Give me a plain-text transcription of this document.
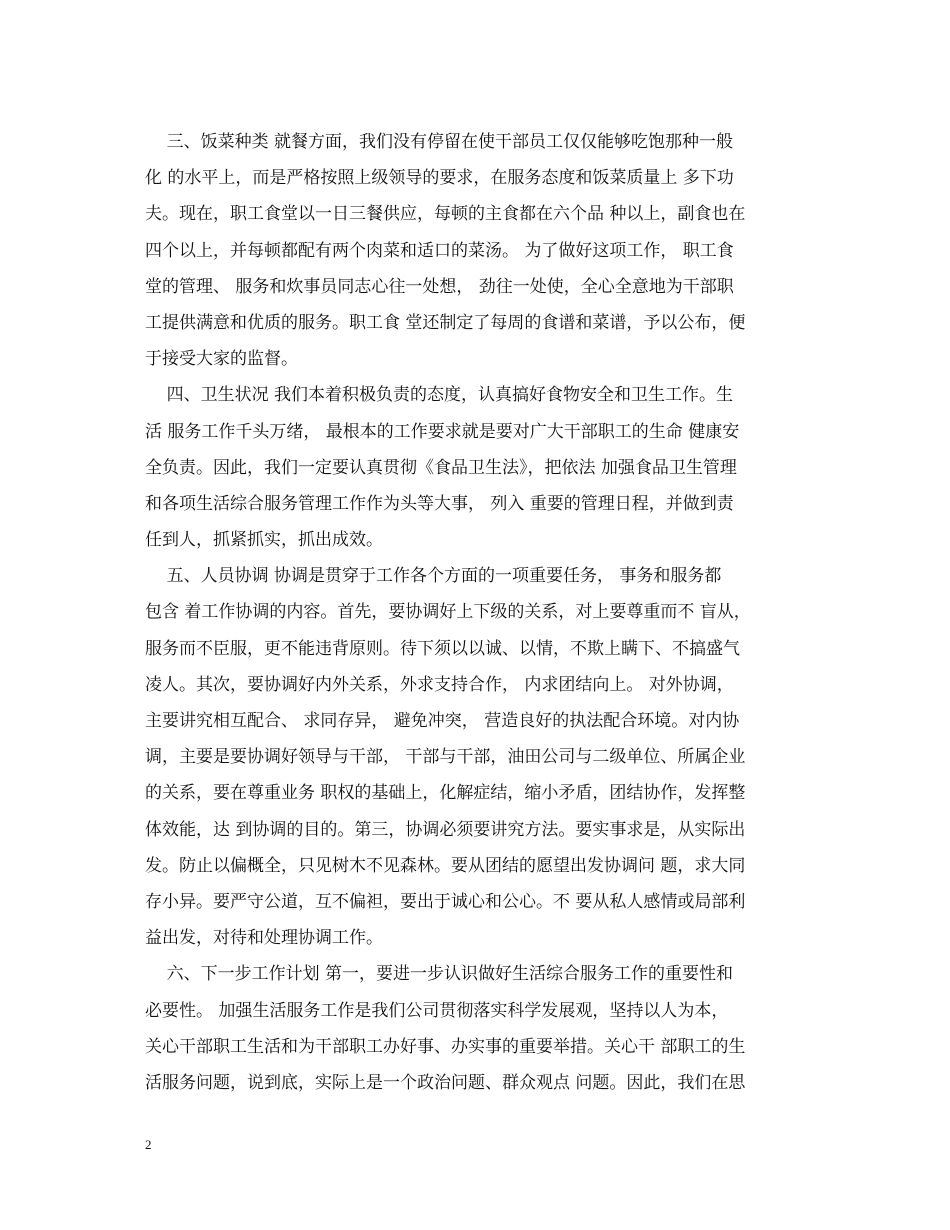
三、饭菜种类 就餐方面，我们没有停留在使干部员工仅仅能够吃饱那种一般
化 的水平上，而是严格按照上级领导的要求，在服务态度和饭菜质量上 多下功
夫。现在，职工食堂以一日三餐供应，每顿的主食都在六个品 种以上，副食也在
四个以上，并每顿都配有两个肉菜和适口的菜汤。 为了做好这项工作， 职工食
堂的管理、 服务和炊事员同志心往一处想， 劲往一处使，全心全意地为干部职
工提供满意和优质的服务。职工食 堂还制定了每周的食谱和菜谱，予以公布，便
于接受大家的监督。
四、卫生状况 我们本着积极负责的态度，认真搞好食物安全和卫生工作。生
活 服务工作千头万绪， 最根本的工作要求就是要对广大干部职工的生命 健康安
全负责。因此，我们一定要认真贯彻《食品卫生法》，把依法 加强食品卫生管理
和各项生活综合服务管理工作作为头等大事， 列入 重要的管理日程，并做到责
任到人，抓紧抓实，抓出成效。
五、人员协调 协调是贯穿于工作各个方面的一项重要任务， 事务和服务都
包含 着工作协调的内容。首先，要协调好上下级的关系，对上要尊重而不 盲从，
服务而不臣服，更不能违背原则。待下须以以诚、以情，不欺上瞒下、不搞盛气
凌人。其次，要协调好内外关系，外求支持合作， 内求团结向上。 对外协调，
主要讲究相互配合、 求同存异， 避免冲突， 营造良好的执法配合环境。对内协
调，主要是要协调好领导与干部， 干部与干部，油田公司与二级单位、所属企业
的关系，要在尊重业务 职权的基础上，化解症结，缩小矛盾，团结协作，发挥整
体效能，达 到协调的目的。第三，协调必须要讲究方法。要实事求是，从实际出
发。防止以偏概全，只见树木不见森林。要从团结的愿望出发协调问 题，求大同
存小异。要严守公道，互不偏袒，要出于诚心和公心。不 要从私人感情或局部利
益出发，对待和处理协调工作。
六、下一步工作计划 第一，要进一步认识做好生活综合服务工作的重要性和
必要性。 加强生活服务工作是我们公司贯彻落实科学发展观，坚持以人为本，
关心干部职工生活和为干部职工办好事、办实事的重要举措。关心干 部职工的生
活服务问题，说到底，实际上是一个政治问题、群众观点 问题。因此，我们在思
2
